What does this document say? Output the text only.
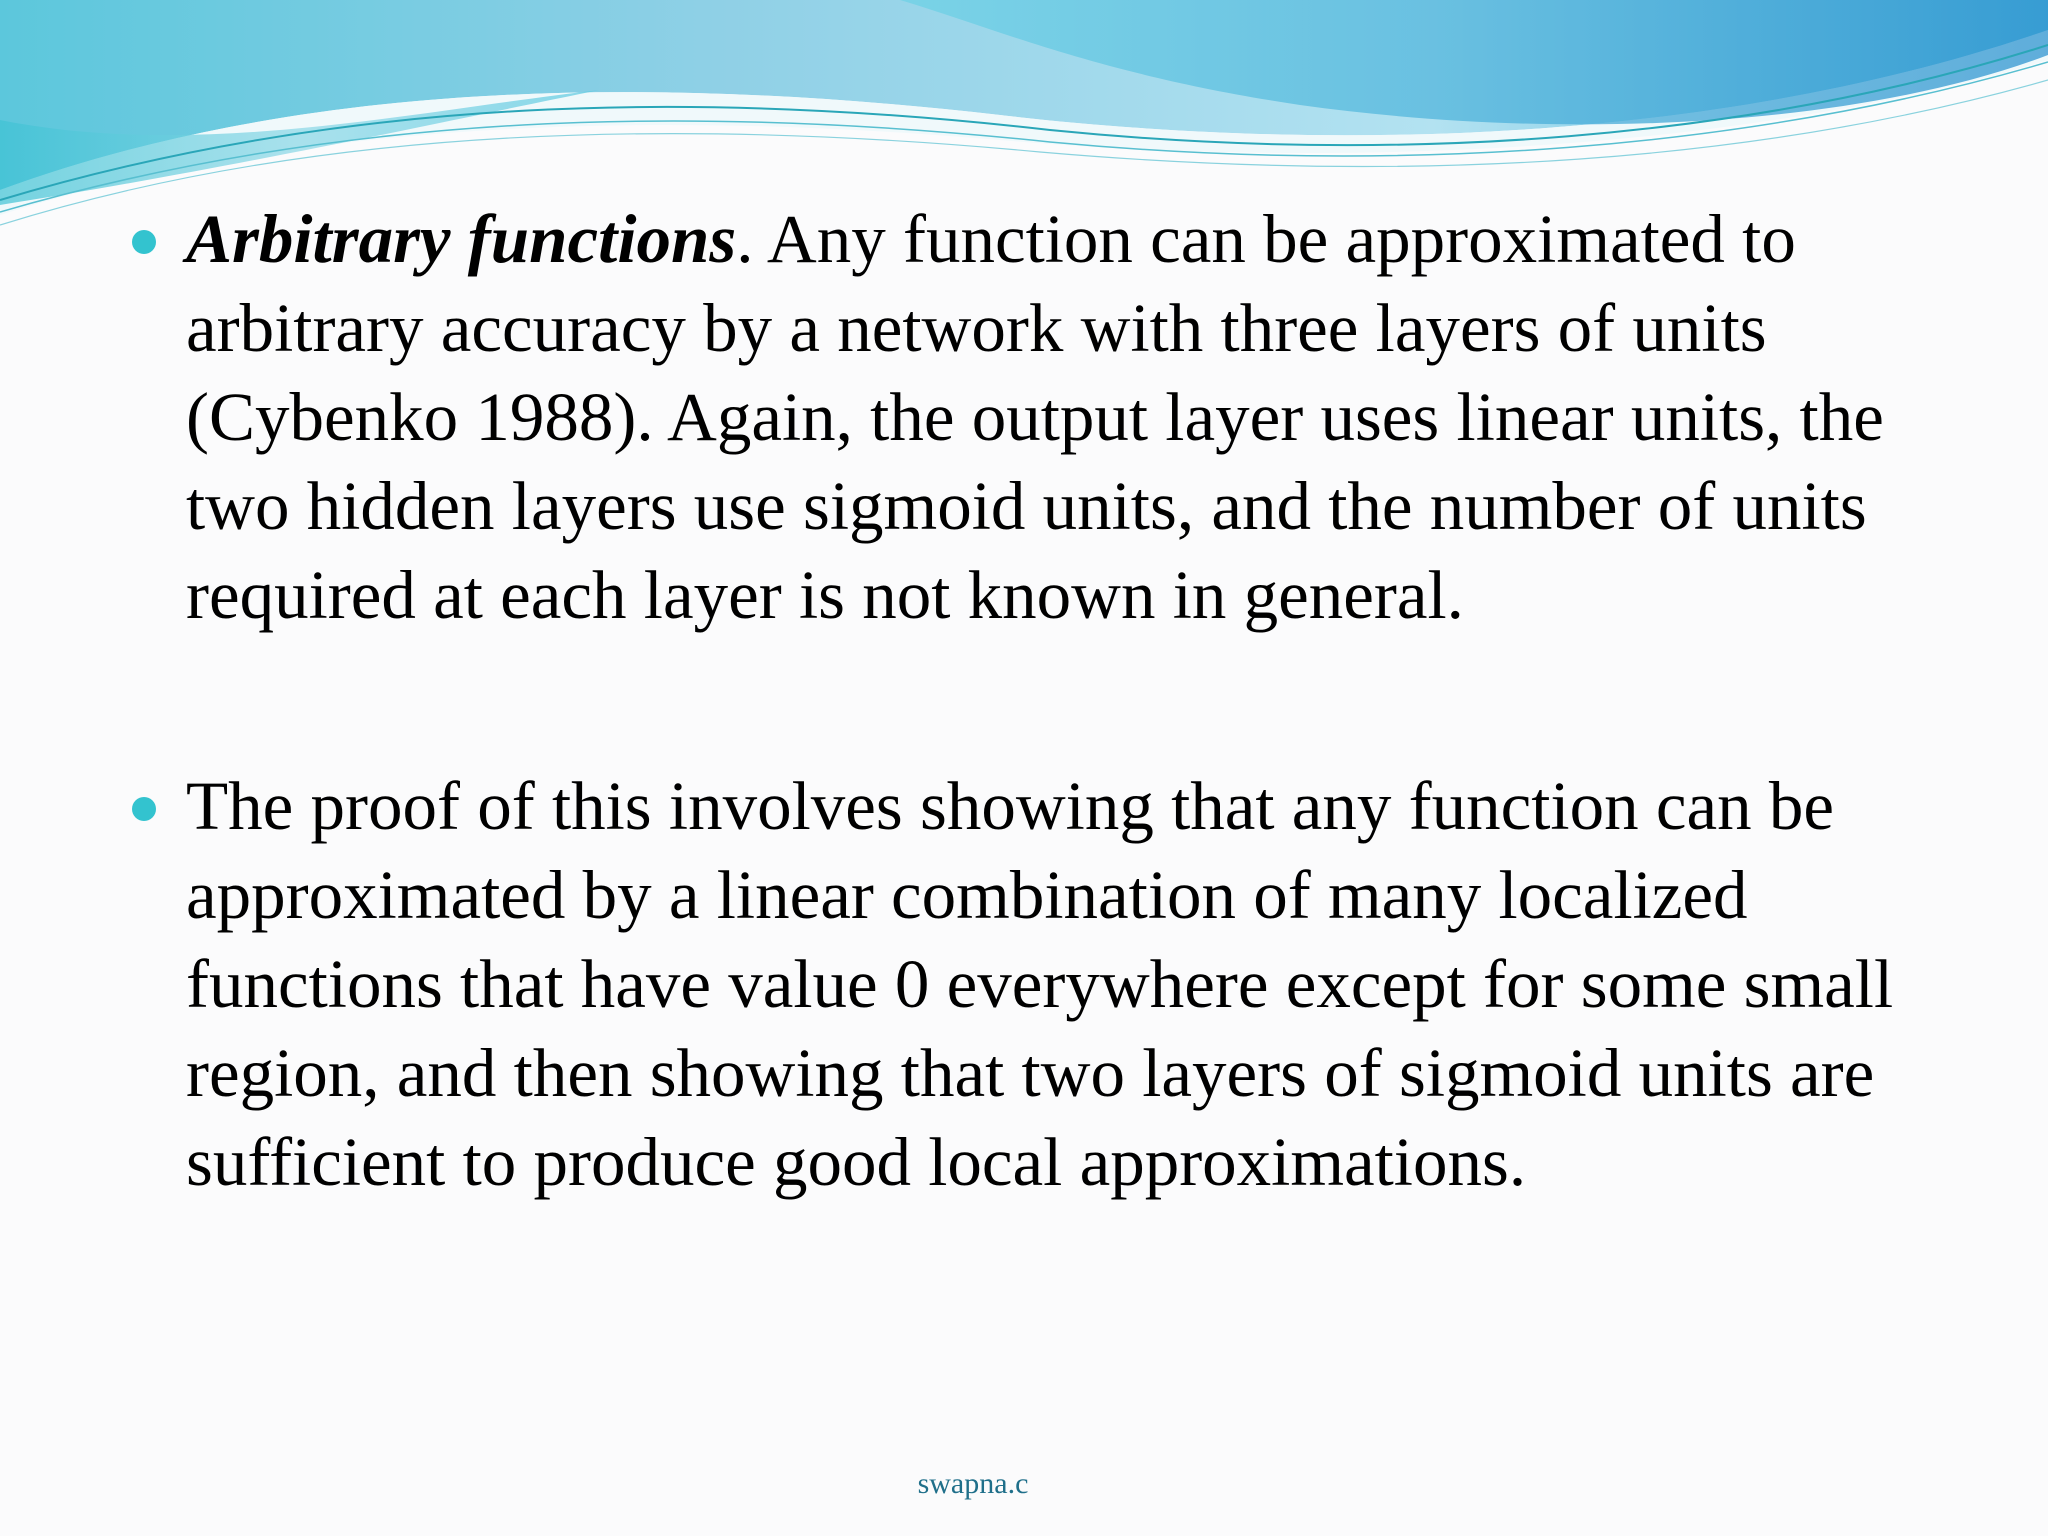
Arbitrary functions. Any function can be approximated to arbitrary accuracy by a network with three layers of units (Cybenko 1988). Again, the output layer uses linear units, the two hidden layers use sigmoid units, and the number of units required at each layer is not known in general.

The proof of this involves showing that any function can be approximated by a linear combination of many localized functions that have value 0 everywhere except for some small region, and then showing that two layers of sigmoid units are sufficient to produce good local approximations.

swapna.c
